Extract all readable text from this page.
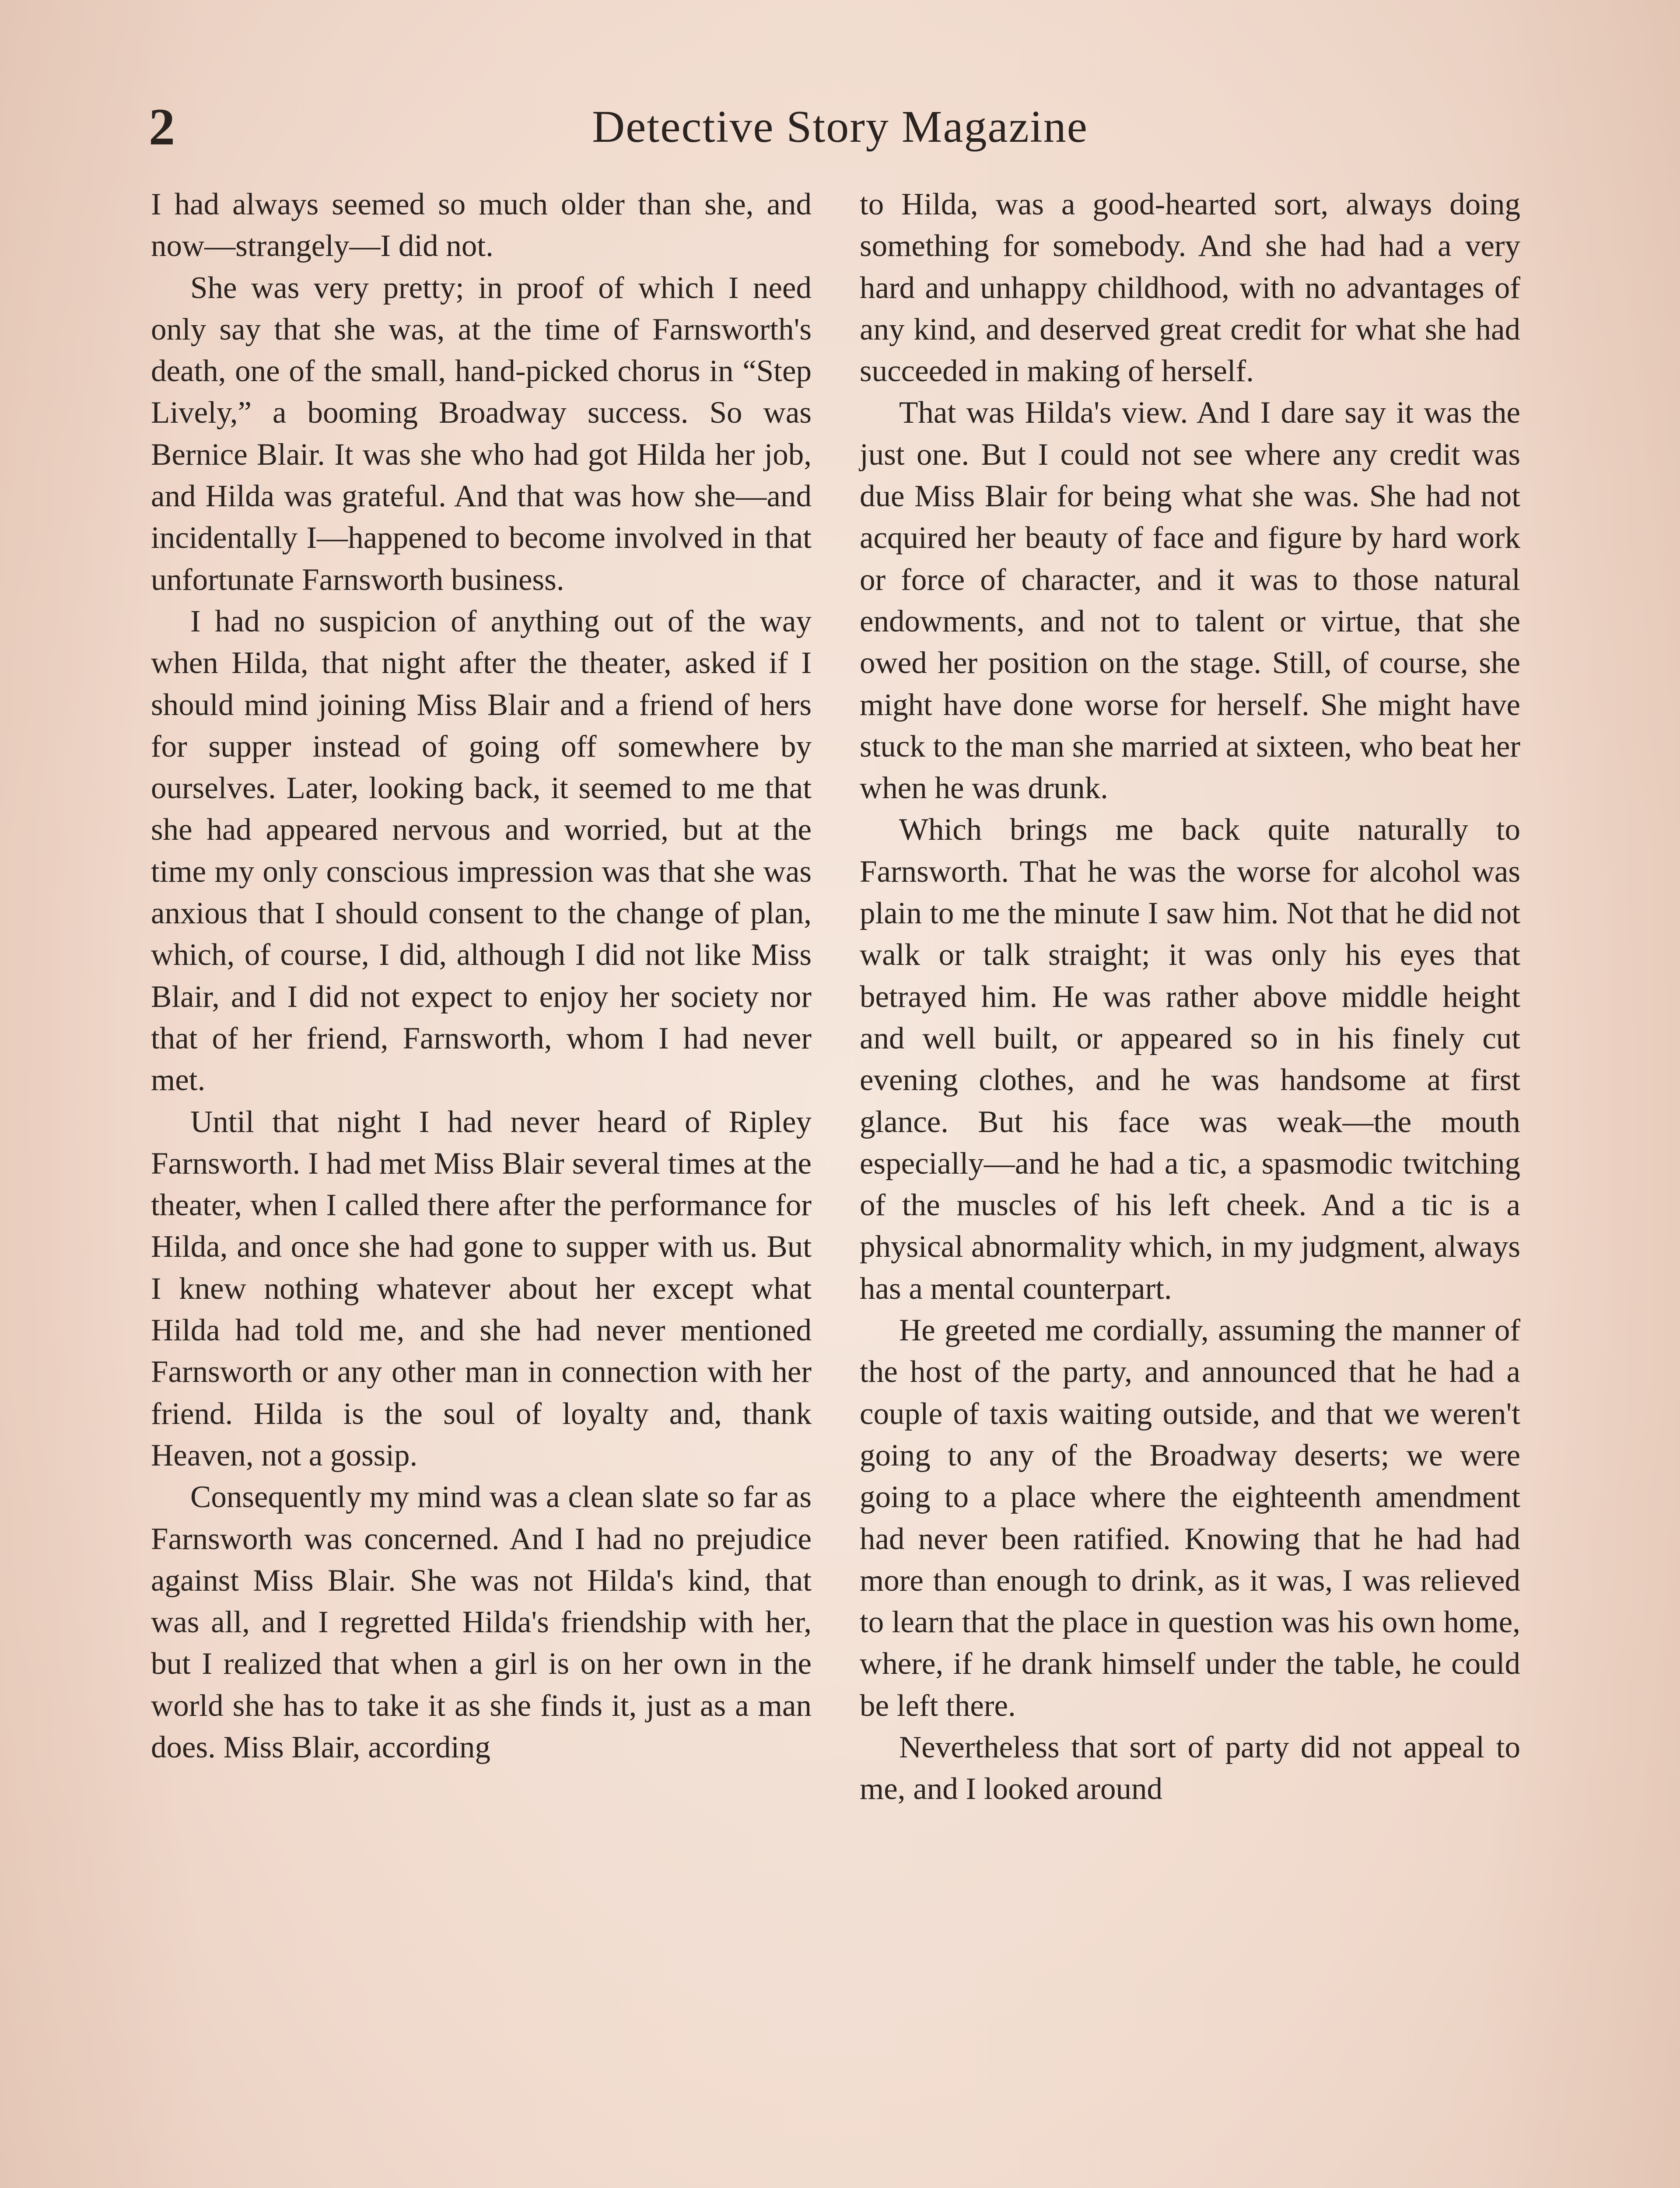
Detective Story Magazine
2

I had always seemed so much older than she, and now—strangely—I did not.

She was very pretty; in proof of which I need only say that she was, at the time of Farnsworth's death, one of the small, hand-picked chorus in “Step Lively,” a booming Broadway success. So was Bernice Blair. It was she who had got Hilda her job, and Hilda was grateful. And that was how she—and incidentally I—happened to become involved in that unfortunate Farnsworth business.

I had no suspicion of anything out of the way when Hilda, that night after the theater, asked if I should mind joining Miss Blair and a friend of hers for supper instead of going off somewhere by ourselves. Later, looking back, it seemed to me that she had appeared nervous and worried, but at the time my only conscious impression was that she was anxious that I should consent to the change of plan, which, of course, I did, although I did not like Miss Blair, and I did not expect to enjoy her society nor that of her friend, Farnsworth, whom I had never met.

Until that night I had never heard of Ripley Farnsworth. I had met Miss Blair several times at the theater, when I called there after the performance for Hilda, and once she had gone to supper with us. But I knew nothing whatever about her except what Hilda had told me, and she had never mentioned Farnsworth or any other man in connection with her friend. Hilda is the soul of loyalty and, thank Heaven, not a gossip.

Consequently my mind was a clean slate so far as Farnsworth was concerned. And I had no prejudice against Miss Blair. She was not Hilda's kind, that was all, and I regretted Hilda's friendship with her, but I realized that when a girl is on her own in the world she has to take it as she finds it, just as a man does. Miss Blair, according

to Hilda, was a good-hearted sort, always doing something for somebody. And she had had a very hard and unhappy childhood, with no advantages of any kind, and deserved great credit for what she had succeeded in making of herself.

That was Hilda's view. And I dare say it was the just one. But I could not see where any credit was due Miss Blair for being what she was. She had not acquired her beauty of face and figure by hard work or force of character, and it was to those natural endowments, and not to talent or virtue, that she owed her position on the stage. Still, of course, she might have done worse for herself. She might have stuck to the man she married at sixteen, who beat her when he was drunk.

Which brings me back quite naturally to Farnsworth. That he was the worse for alcohol was plain to me the minute I saw him. Not that he did not walk or talk straight; it was only his eyes that betrayed him. He was rather above middle height and well built, or appeared so in his finely cut evening clothes, and he was handsome at first glance. But his face was weak—the mouth especially—and he had a tic, a spasmodic twitching of the muscles of his left cheek. And a tic is a physical abnormality which, in my judgment, always has a mental counterpart.

He greeted me cordially, assuming the manner of the host of the party, and announced that he had a couple of taxis waiting outside, and that we weren't going to any of the Broadway deserts; we were going to a place where the eighteenth amendment had never been ratified. Knowing that he had had more than enough to drink, as it was, I was relieved to learn that the place in question was his own home, where, if he drank himself under the table, he could be left there.

Nevertheless that sort of party did not appeal to me, and I looked around
